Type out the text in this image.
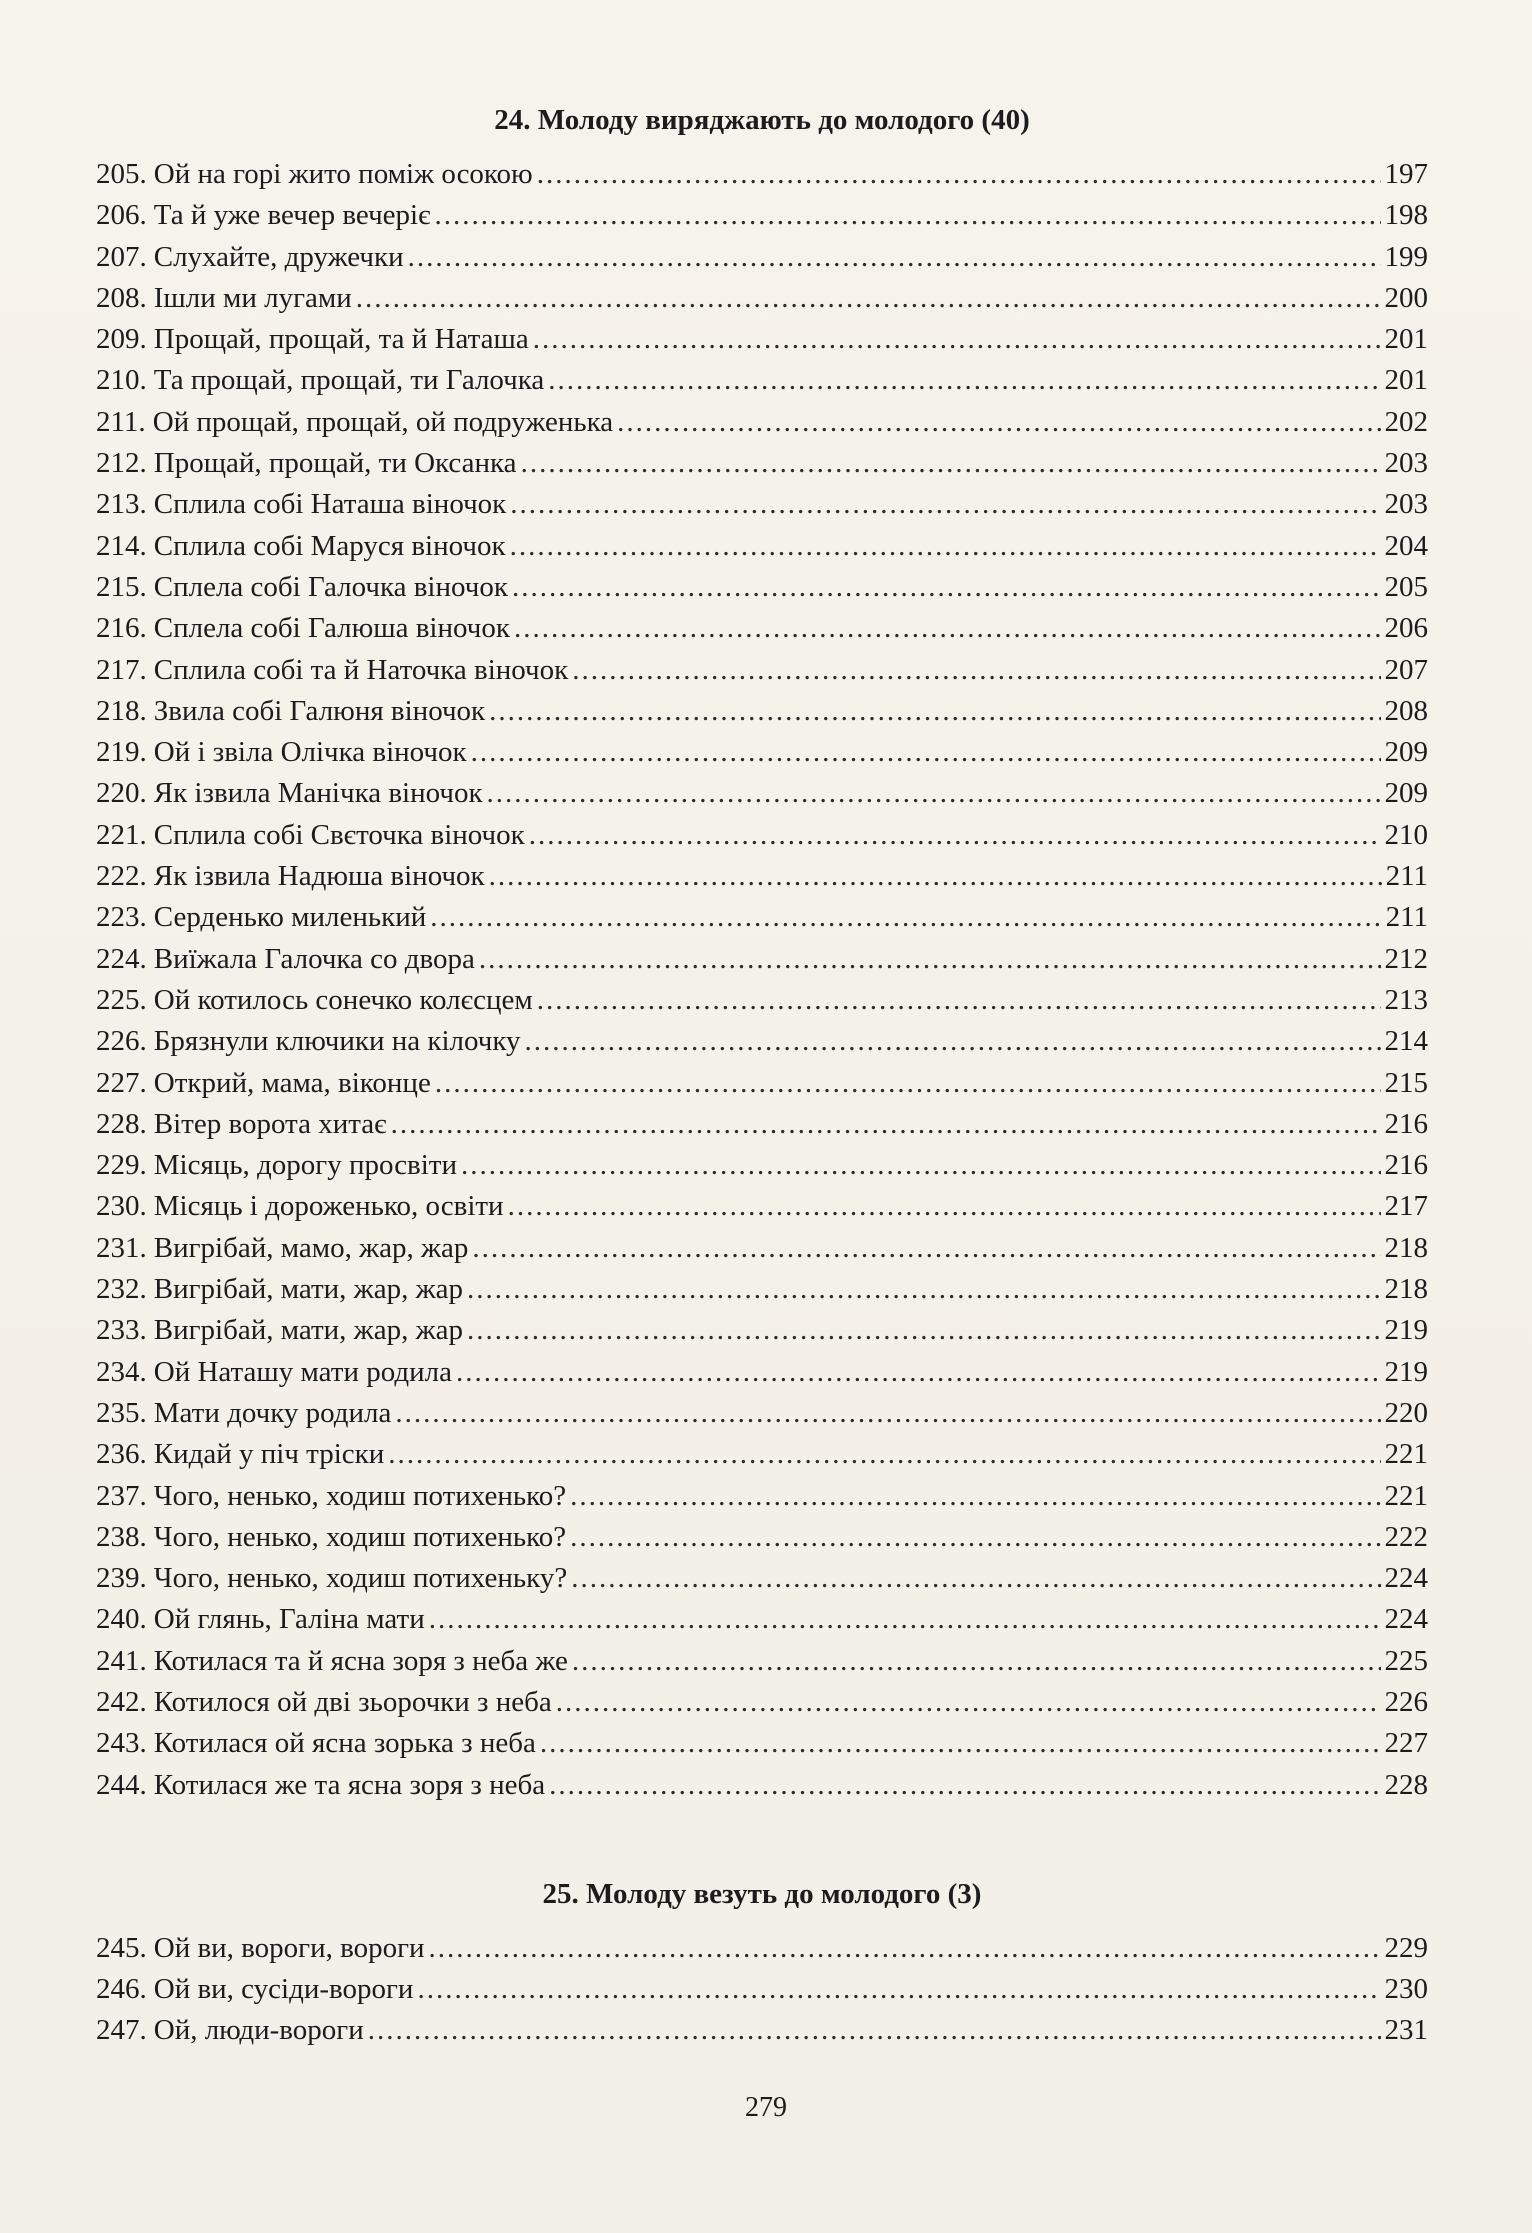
24. Молоду виряджають до молодого (40)
205. Ой на горі жито поміж осокою .....	197
206. Та й уже вечер вечеріє .....	198
207. Слухайте, дружечки .....	199
208. Ішли ми лугами .....	200
209. Прощай, прощай, та й Наташа .....	201
210. Та прощай, прощай, ти Галочка .....	201
211. Ой прощай, прощай, ой подруженька .....	202
212. Прощай, прощай, ти Оксанка .....	203
213. Сплила собі Наташа віночок .....	203
214. Сплила собі Маруся віночок .....	204
215. Сплела собі Галочка віночок .....	205
216. Сплела собі Галюша віночок .....	206
217. Сплила собі та й Наточка віночок .....	207
218. Звила собі Галюня віночок .....	208
219. Ой і звіла Олічка віночок .....	209
220. Як ізвила Манічка віночок .....	209
221. Сплила собі Свєточка віночок .....	210
222. Як ізвила Надюша віночок .....	211
223. Серденько миленький .....	211
224. Виїжала Галочка со двора .....	212
225. Ой котилось сонечко колєсцем .....	213
226. Брязнули ключики на кілочку .....	214
227. Открий, мама, віконце .....	215
228. Вітер ворота хитає .....	216
229. Місяць, дорогу просвіти .....	216
230. Місяць і дороженько, освіти .....	217
231. Вигрібай, мамо, жар, жар .....	218
232. Вигрібай, мати, жар, жар .....	218
233. Вигрібай, мати, жар, жар .....	219
234. Ой Наташу мати родила .....	219
235. Мати дочку родила .....	220
236. Кидай у піч тріски .....	221
237. Чого, ненько, ходиш потихенько? .....	221
238. Чого, ненько, ходиш потихенько? .....	222
239. Чого, ненько, ходиш потихеньку? .....	224
240. Ой глянь, Галіна мати .....	224
241. Котилася та й ясна зоря з неба же .....	225
242. Котилося ой дві зьорочки з неба .....	226
243. Котилася ой ясна зорька з неба .....	227
244. Котилася же та ясна зоря з неба .....	228
25. Молоду везуть до молодого (3)
245. Ой ви, вороги, вороги .....	229
246. Ой ви, сусіди-вороги .....	230
247. Ой, люди-вороги .....	231
279
